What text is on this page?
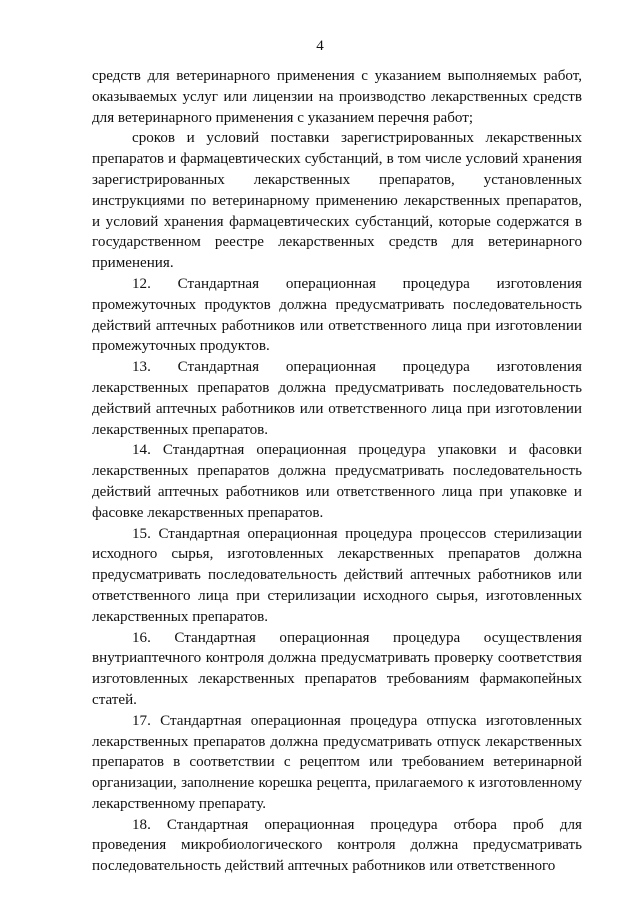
4

средств для ветеринарного применения с указанием выполняемых работ, оказываемых услуг или лицензии на производство лекарственных средств для ветеринарного применения с указанием перечня работ;

сроков и условий поставки зарегистрированных лекарственных препаратов и фармацевтических субстанций, в том числе условий хранения зарегистрированных лекарственных препаратов, установленных инструкциями по ветеринарному применению лекарственных препаратов, и условий хранения фармацевтических субстанций, которые содержатся в государственном реестре лекарственных средств для ветеринарного применения.

12. Стандартная операционная процедура изготовления промежуточных продуктов должна предусматривать последовательность действий аптечных работников или ответственного лица при изготовлении промежуточных продуктов.

13. Стандартная операционная процедура изготовления лекарственных препаратов должна предусматривать последовательность действий аптечных работников или ответственного лица при изготовлении лекарственных препаратов.

14. Стандартная операционная процедура упаковки и фасовки лекарственных препаратов должна предусматривать последовательность действий аптечных работников или ответственного лица при упаковке и фасовке лекарственных препаратов.

15. Стандартная операционная процедура процессов стерилизации исходного сырья, изготовленных лекарственных препаратов должна предусматривать последовательность действий аптечных работников или ответственного лица при стерилизации исходного сырья, изготовленных лекарственных препаратов.

16. Стандартная операционная процедура осуществления внутриаптечного контроля должна предусматривать проверку соответствия изготовленных лекарственных препаратов требованиям фармакопейных статей.

17. Стандартная операционная процедура отпуска изготовленных лекарственных препаратов должна предусматривать отпуск лекарственных препаратов в соответствии с рецептом или требованием ветеринарной организации, заполнение корешка рецепта, прилагаемого к изготовленному лекарственному препарату.

18. Стандартная операционная процедура отбора проб для проведения микробиологического контроля должна предусматривать последовательность действий аптечных работников или ответственного
